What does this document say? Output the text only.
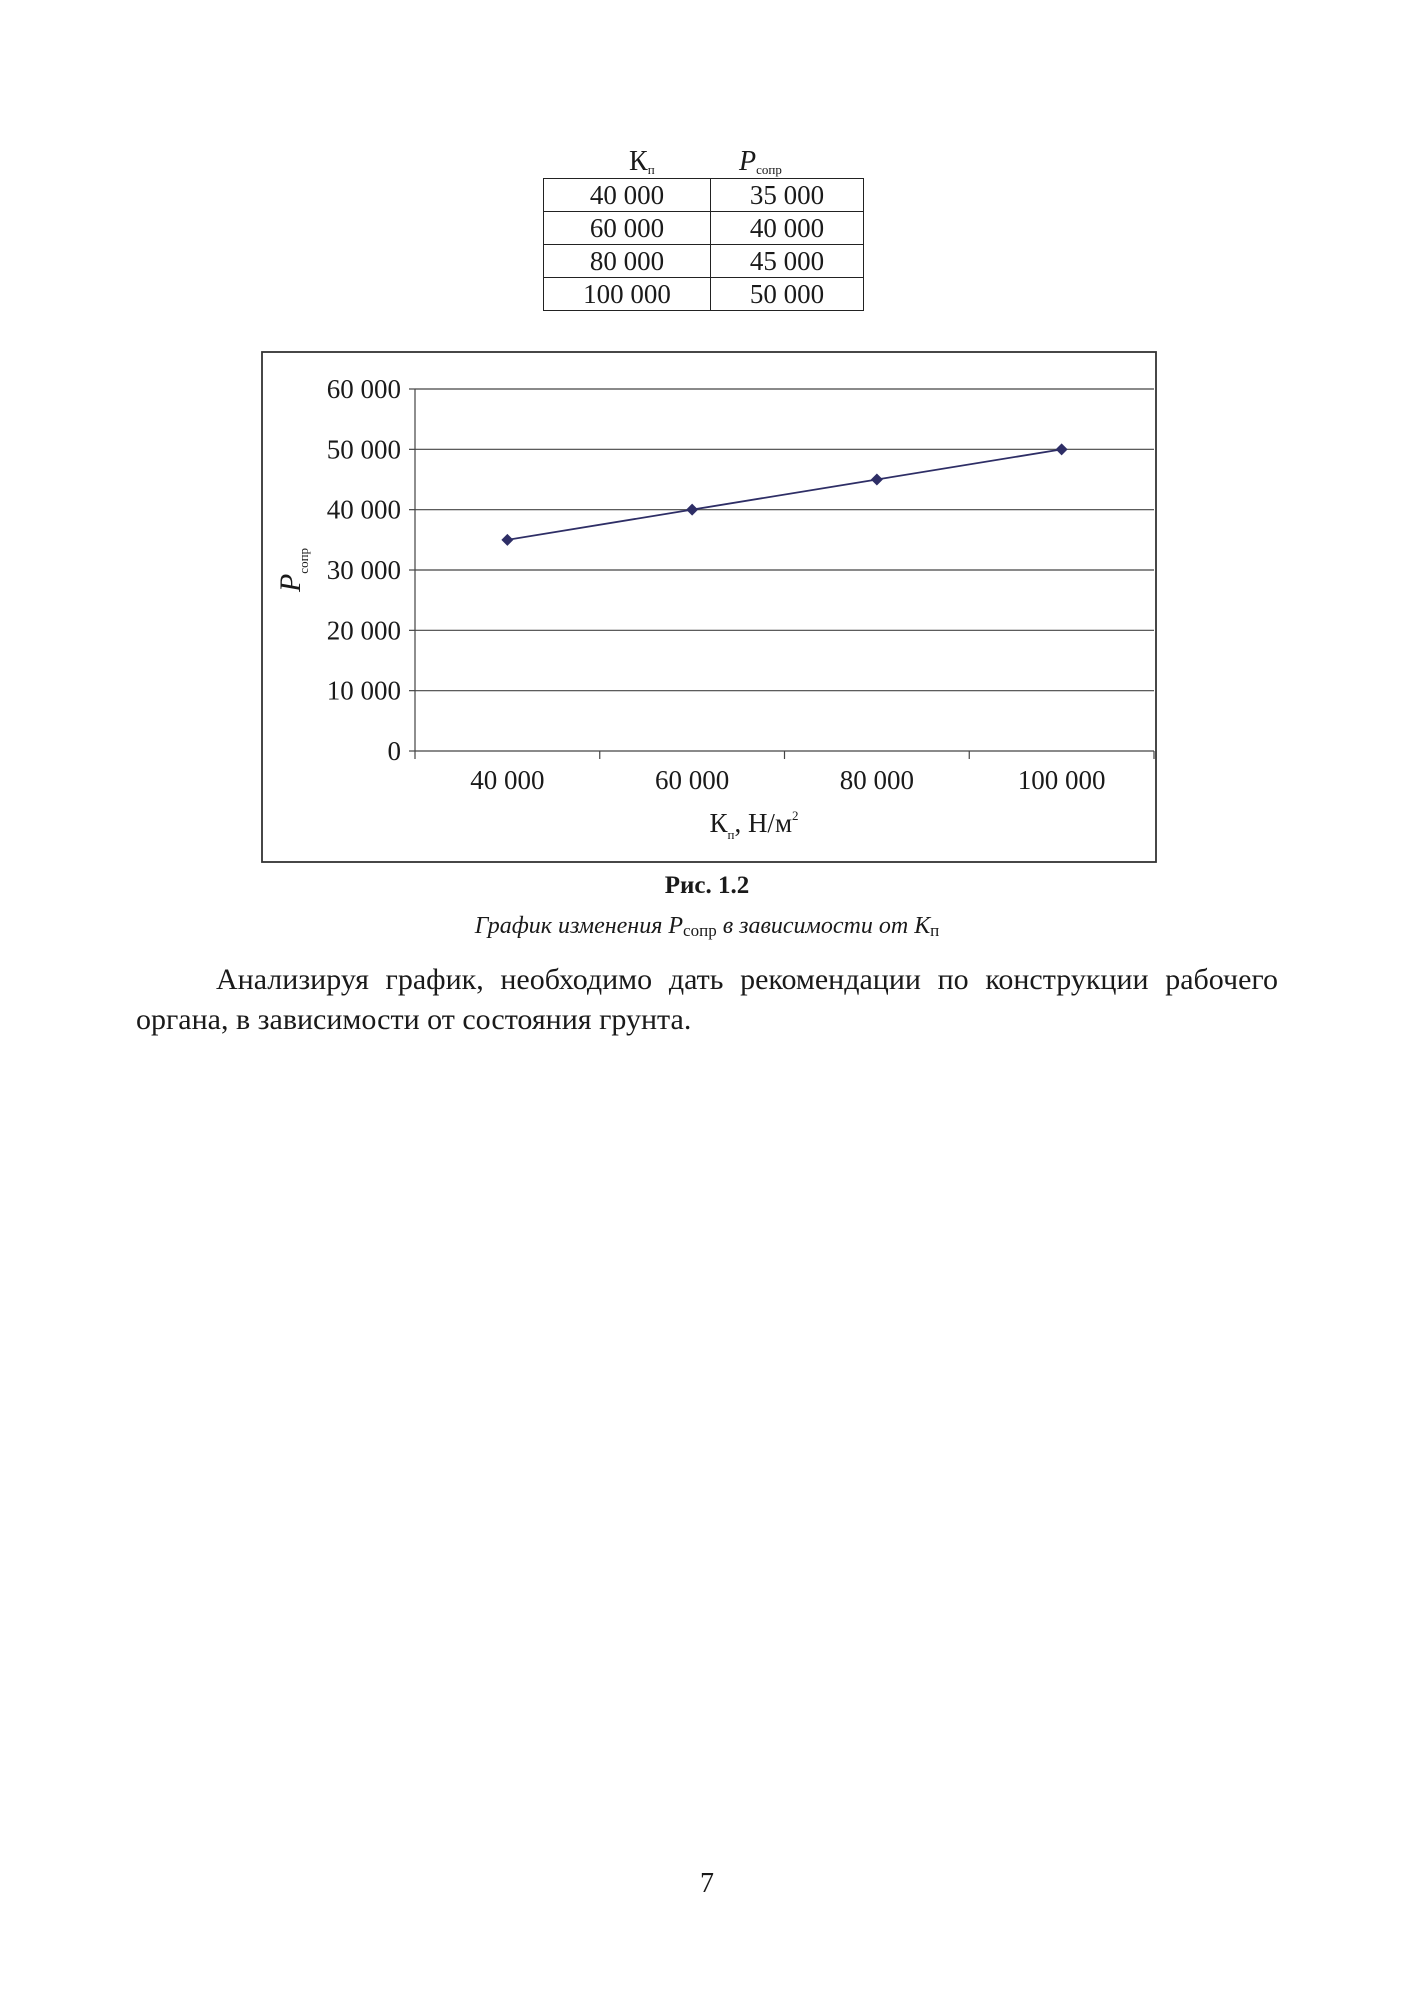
$К_п$	$P_{сопр}$
40 000	35 000
60 000	40 000
80 000	45 000
100 000	50 000
0
10 000
20 000
30 000
40 000
50 000
60 000
40 000	60 000	80 000	100 000
$P_{сопр}$
$К_п$, $Н/м^2$
Рис. 1.2
График изменения $P_{сопр}$ в зависимости от $К_п$

Анализируя график, необходимо дать рекомендации по конструкции рабочего органа, в зависимости от состояния грунта.

7
